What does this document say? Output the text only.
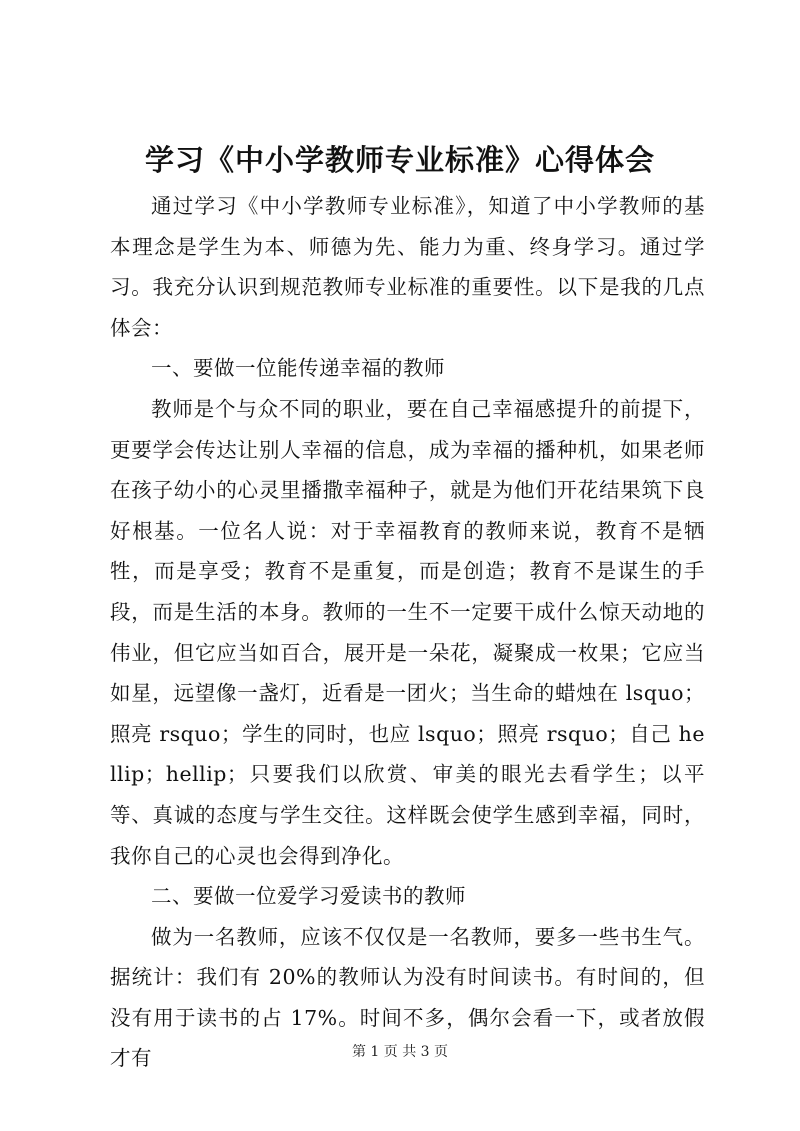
学习《中小学教师专业标准》心得体会

通过学习《中小学教师专业标准》，知道了中小学教师的基本理念是学生为本、师德为先、能力为重、终身学习。通过学习。我充分认识到规范教师专业标准的重要性。以下是我的几点体会：

一、要做一位能传递幸福的教师

教师是个与众不同的职业，要在自己幸福感提升的前提下，更要学会传达让别人幸福的信息，成为幸福的播种机，如果老师在孩子幼小的心灵里播撒幸福种子，就是为他们开花结果筑下良好根基。一位名人说：对于幸福教育的教师来说，教育不是牺牲，而是享受；教育不是重复，而是创造；教育不是谋生的手段，而是生活的本身。教师的一生不一定要干成什么惊天动地的伟业，但它应当如百合，展开是一朵花，凝聚成一枚果；它应当如星，远望像一盏灯，近看是一团火；当生命的蜡烛在 lsquo；照亮 rsquo；学生的同时，也应 lsquo；照亮 rsquo；自己 hellip；hellip；只要我们以欣赏、审美的眼光去看学生；以平等、真诚的态度与学生交往。这样既会使学生感到幸福，同时，我你自己的心灵也会得到净化。

二、要做一位爱学习爱读书的教师

做为一名教师，应该不仅仅是一名教师，要多一些书生气。据统计：我们有 20%的教师认为没有时间读书。有时间的，但没有用于读书的占 17%。时间不多，偶尔会看一下，或者放假才有	第 1 页 共 3 页
